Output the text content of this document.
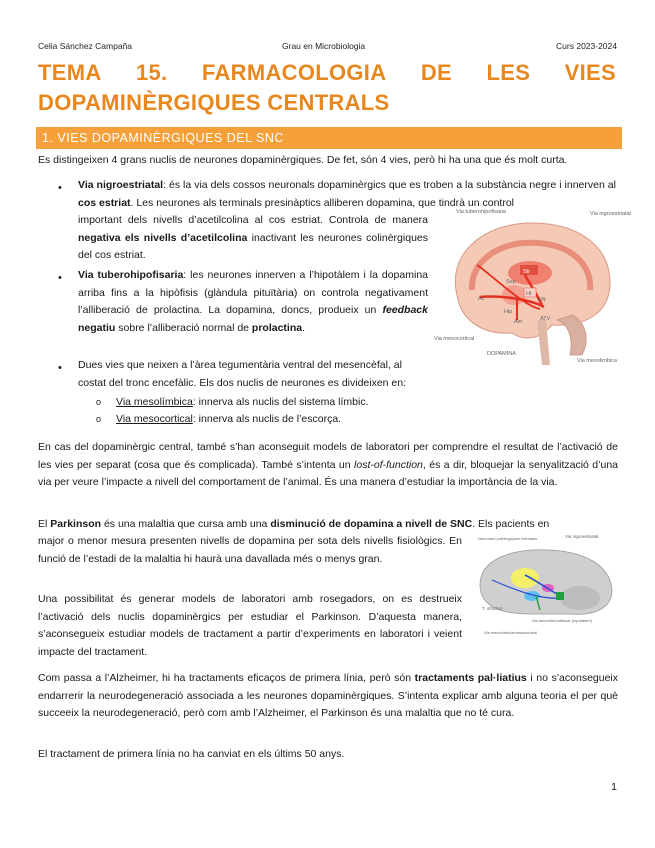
Celia Sánchez Campaña	Grau en Microbiologia	Curs 2023-2024
TEMA 15. FARMACOLOGIA DE LES VIES
DOPAMINÈRGIQUES CENTRALS
1. VIES DOPAMINÈRGIQUES DEL SNC
Es distingeixen 4 grans nuclis de neurones dopaminèrgiques. De fet, són 4 vies, però hi ha una que és molt curta.
• Via nigroestriatal: és la via dels cossos neuronals dopaminèrgics que es troben a la substància negre i innerven al cos estriat. Les neurones als terminals presinàptics alliberen dopamina, que tindrà un control
important dels nivells d’acetilcolina al cos estriat. Controla de manera negativa els nivells d’acetilcolina inactivant les neurones colinèrgiques del cos estriat.
• Via tuberohipofisaria: les neurones innerven a l’hipotàlem i la dopamina arriba fins a la hipòfisis (glàndula pituïtària) on controla negativament l’alliberació de prolactina. La dopamina, doncs, produeix un feedback negatiu sobre l’alliberació normal de prolactina.
• Dues vies que neixen a l’àrea tegumentària ventral del mesencèfal, al costat del tronc encefàlic. Els dos nuclis de neurones es divideixen en:
o Via mesolímbica: innerva als nuclis del sistema límbic.
o Via mesocortical: innerva als nuclis de l’escorça.
Str
Sep
Ac
Ht
Hip
Am
SN
ATV
Via tuberohipofisaria	Via nigroestriatal
Via mesocortical
Via mesolimbica
DOPAMINA
En cas del dopaminèrgic central, també s’han aconseguit models de laboratori per comprendre el resultat de l’activació de les vies per separat (cosa que és complicada). També s’intenta un lost-of-function, és a dir, bloquejar la senyalització d’una via per veure l’impacte a nivell del comportament de l’animal. És una manera d’estudiar la importància de la via.
El Parkinson és una malaltia que cursa amb una disminució de dopamina a nivell de SNC. Els pacients en
major o menor mesura presenten nivells de dopamina per sota dels nivells fisiològics. En funció de l’estadi de la malaltia hi haurà una davallada més o menys gran.
Una possibilitat és generar models de laboratori amb rosegadors, on es destrueix l’activació dels nuclis dopaminèrgics per estudiar el Parkinson. D’aquesta manera, s’aconsegueix estudiar models de tractament a partir d’experiments en laboratori i veient impacte del tractament.
Neurones colinèrgiques estriatals	Via nigroestriatal
T. olfactori
Via tuberoinfundibular (hipotàlem)
Via mesolímbica/mesocortical
Com passa a l’Alzheimer, hi ha tractaments eficaços de primera línia, però són tractaments pal·liatius i no s’aconsegueix endarrerir la neurodegeneració associada a les neurones dopaminèrgiques. S’intenta explicar amb alguna teoria el per què succeeix la neurodegeneració, però com amb l’Alzheimer, el Parkinson és una malaltia que no té cura.
El tractament de primera línia no ha canviat en els últims 50 anys.
1
